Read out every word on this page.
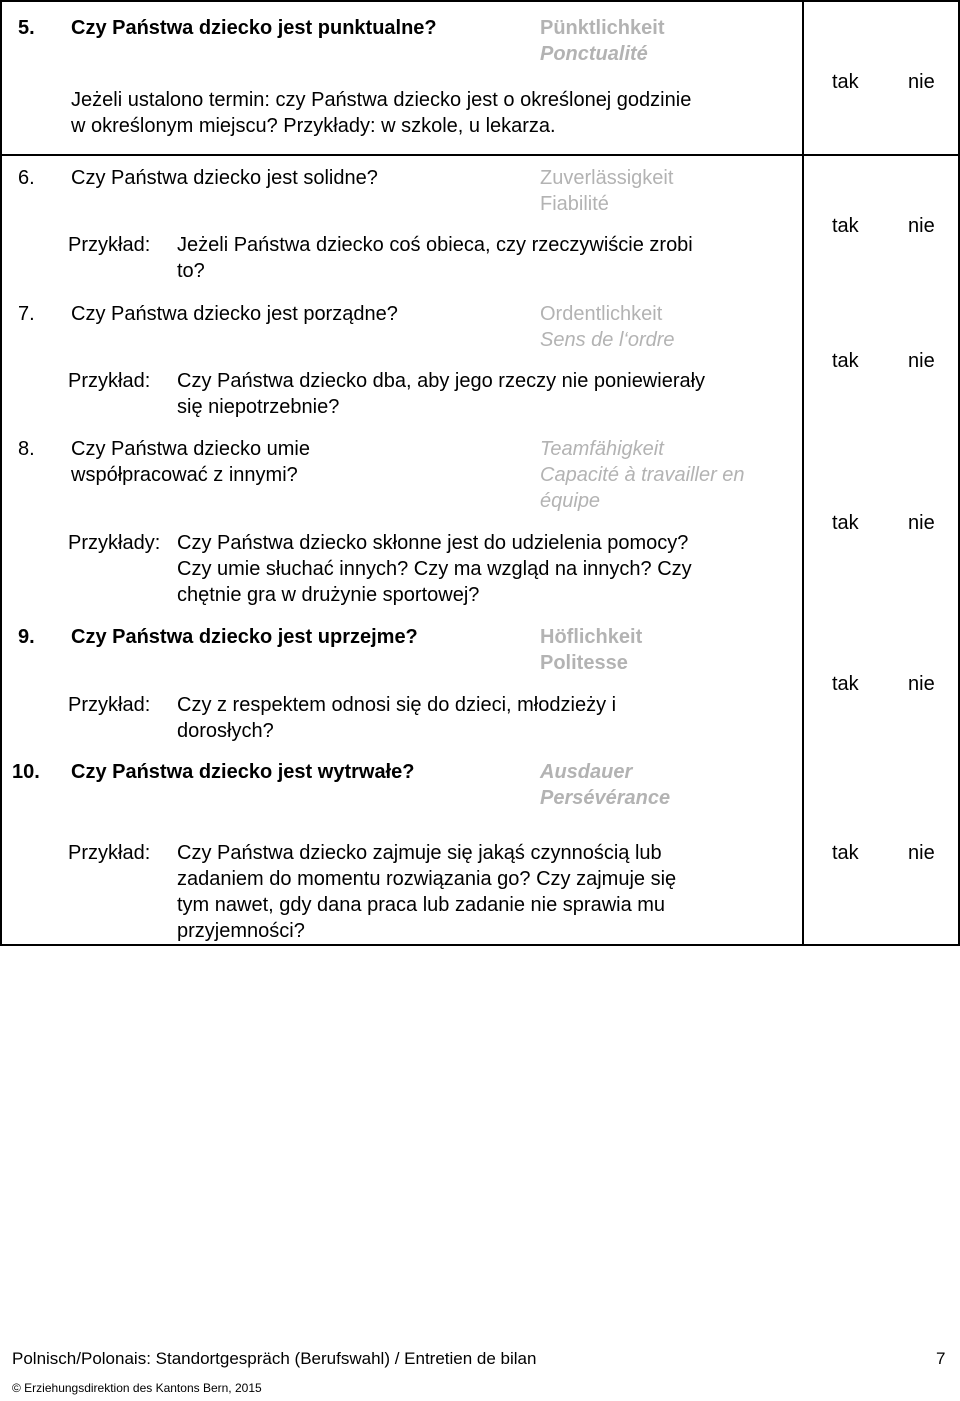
5. Czy Państwa dziecko jest punktualne?	Pünktlichkeit
Ponctualité
Jeżeli ustalono termin: czy Państwa dziecko jest o określonej godzinie
w określonym miejscu? Przykłady: w szkole, u lekarza.
tak nie
6. Czy Państwa dziecko jest solidne?	Zuverlässigkeit
Fiabilité
Przykład: Jeżeli Państwa dziecko coś obieca, czy rzeczywiście zrobi
to?
tak nie
7. Czy Państwa dziecko jest porządne?	Ordentlichkeit
Sens de l‘ordre
Przykład: Czy Państwa dziecko dba, aby jego rzeczy nie poniewierały
się niepotrzebnie?
tak nie
8. Czy Państwa dziecko umie
współpracować z innymi?
Teamfähigkeit
Capacité à travailler en
équipe
Przykłady: Czy Państwa dziecko skłonne jest do udzielenia pomocy?
Czy umie słuchać innych? Czy ma wzgląd na innych? Czy
chętnie gra w drużynie sportowej?
tak nie
9. Czy Państwa dziecko jest uprzejme?	Höflichkeit
Politesse
Przykład: Czy z respektem odnosi się do dzieci, młodzieży i
dorosłych?
tak nie
10. Czy Państwa dziecko jest wytrwałe?	Ausdauer
Persévérance
Przykład: Czy Państwa dziecko zajmuje się jakąś czynnością lub
zadaniem do momentu rozwiązania go? Czy zajmuje się
tym nawet, gdy dana praca lub zadanie nie sprawia mu
przyjemności?
tak nie
Polnisch/Polonais: Standortgespräch (Berufswahl) / Entretien de bilan	7
© Erziehungsdirektion des Kantons Bern, 2015
